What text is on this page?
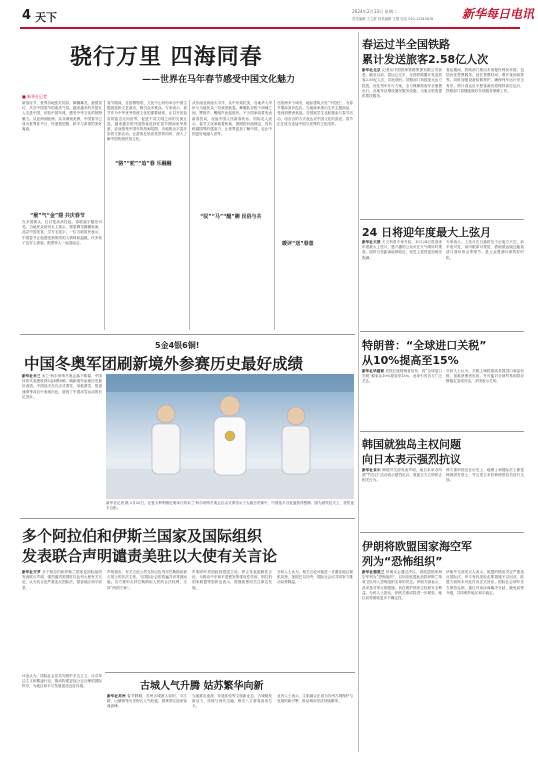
4 天下	2024年2月13日 星期二
责任编辑 王立群 视觉编辑 王慧 电话 010-12345678	新华每日电讯
骁行万里 四海同春
——世界在马年春节感受中国文化魅力
■ 新华社记者
新春佳节，世界各地张灯结彩，舞狮舞龙，游园赏灯，共享中国春节的欢乐气氛。越来越多的外国友人走进中国，体验中国年味，感受中华文化的独特魅力。从亚洲到欧洲，从非洲到美洲，中国春节已成为世界性节日，传递着团圆、和平与希望的美好寓意。
“猴”气“金”翅 共庆春节
在多国街头，红灯笼高高挂起，春联福字随处可见。当地民众纷纷走上街头，观看舞龙舞狮表演，品尝中国美食，学写毛笔字。一位当地居民表示，中国春节让他感受到浓浓的人情味和温暖。许多孩子也穿上唐装，跟着家人一起逛庙会。
春节期间，各国博物馆、文化中心纷纷举办中国主题展览和文艺演出，吸引众多观众。专家表示，春节作为中华优秀传统文化的重要载体，正以开放包容的姿态走向世界，促进不同文明之间的交流互鉴。越来越多的外国游客选择在春节期间来华旅游，亲身感受中国年的热闹氛围。各地推出丰富多彩的文旅活动，让游客在欣赏美景的同时，深入了解中国传统民俗文化。
“骆”“驼”“追”春 乐融融
从东南亚到南太平洋，从中东到拉美，各地华人华侨与当地民众一同欢度新春。舞狮队穿梭于商铺之间，锣鼓声、鞭炮声此起彼伏。不少国家政要发表新春贺词，祝福中国人民新春快乐。国际友人表示，春节文化承载着和谐、团圆的价值理念，具有跨越国界的感染力，让世界更加了解中国，也让中国更好地融入世界。
“驭”“马”“醒”狮 民俗与共
在欧洲多个城市，地标建筑点亮“中国红”，为春节增添喜庆色彩。当地商家推出生肖主题商品，受到消费者欢迎。各国留学生也积极参与春节活动，用各自的方式表达对中国文化的喜爱。春节正在成为连接中国与世界的文化纽带。
暖评“送”春意
春运过半全国铁路
累计发送旅客2.58亿人次
新华社北京 记者从中国国家铁路集团有限公司获悉，截至目前，春运已过半，全国铁路累计发送旅客2.58亿人次，同比增长。铁路部门持续加大运力投放，优化列车开行方案，全力保障旅客安全便捷出行。各地车站增设便民服务设施，为重点旅客提供帮扶服务。
春运期间，铁路部门推出多项便民利民举措，包括优化售票服务、延长售票时间、增开夜间高铁等。同时加强设备检修养护，确保列车运行安全有序。预计春运后半程客流仍将保持高位运行，铁路部门将继续做好各项服务保障工作。
24 日将迎年度最大上弦月
新华社天津 天文科普专家介绍，本月24日将迎来年度最大上弦月，感兴趣的公众可在天气晴好时观赏。届时月亮距离地球较近，视觉上显得更加明亮饱满。
专家表示，上弦月在日落时位于正南方天空，前半夜可见，用肉眼即可观赏，借助望远镜还能看清月面环形山等细节，是公众观测月球的好时机。
特朗普：“全球进口关税”
从10%提高至15%
新华社华盛顿 美国总统特朗普宣布，将“全球进口关税”税率从10%提高至15%，此举引发各方广泛关注。
分析人士认为，关税上调将推高美国进口商品价格，加重消费者负担，并可能对全球贸易和供应链稳定造成冲击，多国表示关切。
韩国就独岛主权问题
向日本表示强烈抗议
新华社首尔 韩国外交部发表声明，就日本举办所谓“竹岛日”活动表示强烈抗议，敦促日方立即停止相关行为。
韩方重申独岛在历史上、地理上和国际法上都是韩国固有领土，并召见日本驻韩使馆官员进行交涉。
伊朗将欧盟国家海空军
列为“恐怖组织”
新华社德黑兰 伊朗议会通过决议，将欧盟国家海空军列为“恐怖组织”，以回应欧盟此前将伊斯兰革命卫队列入恐怖组织名单的决定。伊朗方面表示，此举是对等反制措施，旨在维护国家主权和安全利益。分析人士指出，伊欧关系或将进一步紧张，地区局势面临更多不确定性。
伊朗外交部发言人表示，欧盟的错误决定严重违反国际法，伊方有权采取必要措施予以回应。欧盟方面尚未对此作出正式回应。国际社会呼吁各方保持克制，通过对话协商解决分歧，避免局势升级，共同维护地区和平稳定。
5金4银6铜!
中国冬奥军团刷新境外参赛历史最好成绩
新华社米兰 米兰-科尔蒂纳冬奥会落下帷幕，中国体育代表团收获5金4银6铜，刷新境外参赛历史最好成绩。中国选手在自由式滑雪、单板滑雪、短道速滑等项目中表现出色，展现了中国冰雪运动的长足进步。
新华社记者 摄 2月20日，在意大利利维尼奥举行的米兰-科尔蒂纳冬奥会自由式滑雪女子大跳台决赛中，中国选手谷爱凌获得银牌。图为颁奖仪式上，获奖选手合影。
多个阿拉伯和伊斯兰国家及国际组织
发表联合声明谴责美驻以大使有关言论
新华社开罗 多个阿拉伯和伊斯兰国家及国际组织发表联合声明，强烈谴责美国驻以色列大使有关言论，认为其言论严重违反国际法，损害地区和平前景。
声明指出，有关言论公然支持以色列对巴勒斯坦被占领土的非法主张，与国际社会的普遍共识背道而驰。各方重申支持巴勒斯坦人民的合法权利，支持“两国方案”。
声明呼吁美国政府澄清立场，停止发表挑衅性言论，为推动中东和平进程发挥建设性作用。阿拉伯国家联盟等组织也表示，将继续密切关注事态发展。
分析人士认为，相关言论可能进一步激化地区紧张局势，加剧巴以冲突，国际社会应共同努力推动局势降温。
古城人气升腾 姑苏繁华向新
新华社苏州 春节假期，苏州古城游人如织，平江路、山塘街等历史街区人气旺盛，园林景区迎来客流高峰。
当地推出夜游、非遗体验等文旅新业态，古城焕发新活力，传统与现代交融，吸引八方游客前来打卡。
业内人士表示，文旅融合正成为苏州古城保护与发展的新引擎，推动城市经济持续繁荣。
评论认为，国际社会应共同维护多边主义，反对单边主义和霸凌行径，推动构建更加公正合理的国际秩序，为地区和平与发展创造良好环境。
